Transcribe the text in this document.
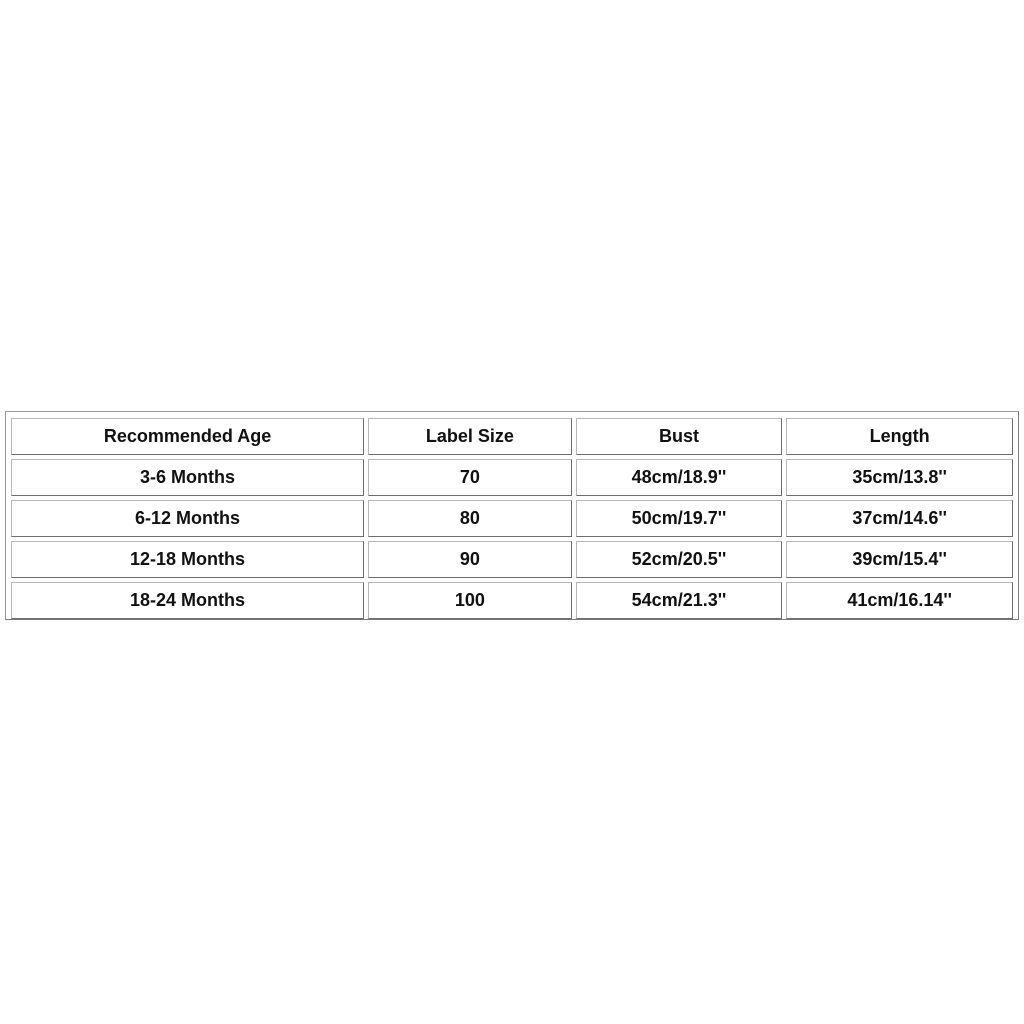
Recommended Age	Label Size	Bust	Length
3-6 Months	70	48cm/18.9''	35cm/13.8''
6-12 Months	80	50cm/19.7''	37cm/14.6''
12-18 Months	90	52cm/20.5''	39cm/15.4''
18-24 Months	100	54cm/21.3''	41cm/16.14''
